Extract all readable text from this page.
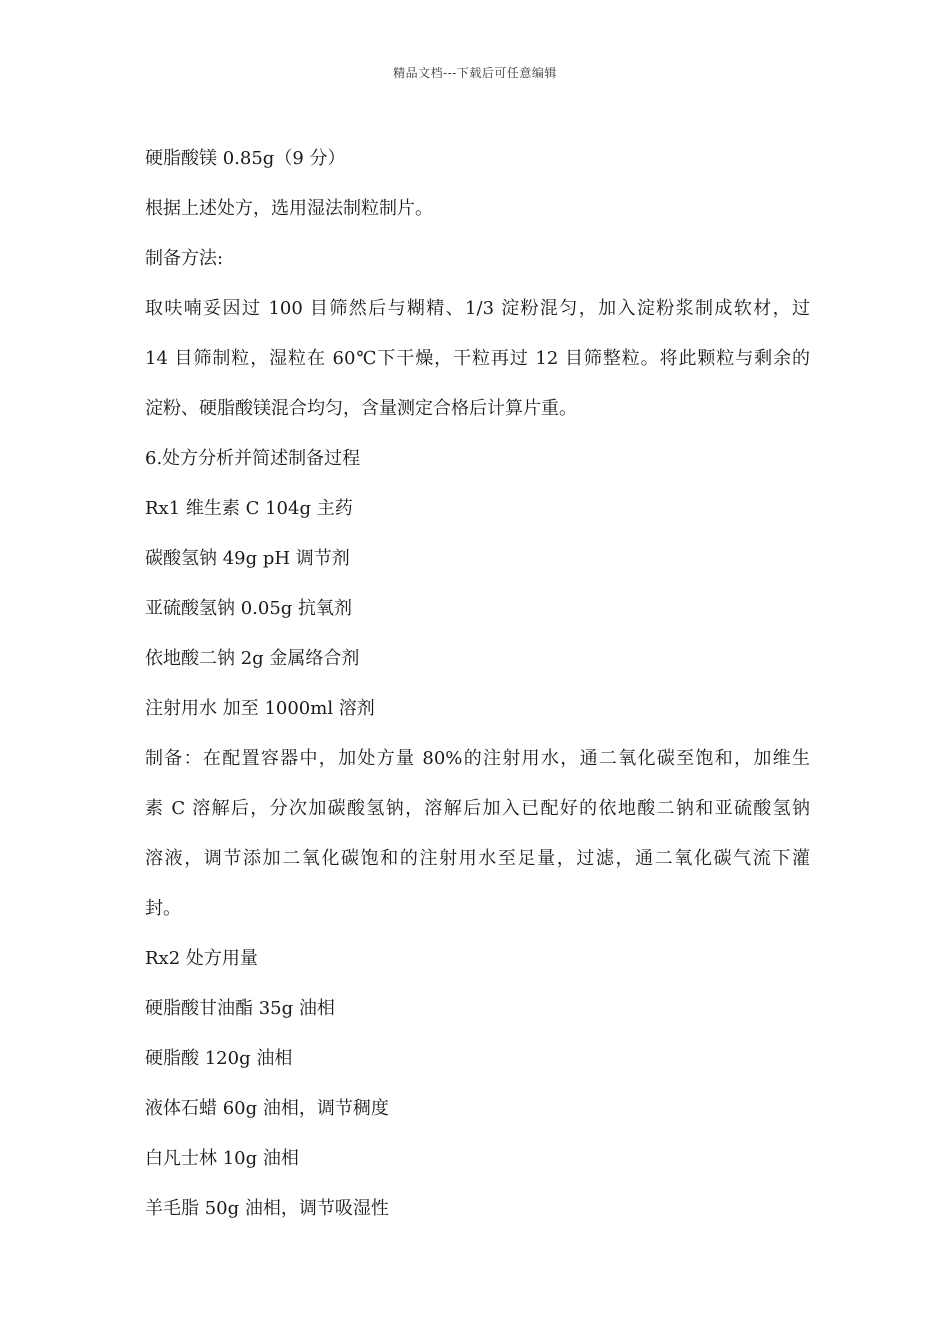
精品文档---下载后可任意编辑
硬脂酸镁 0.85g（9 分）
根据上述处方，选用湿法制粒制片。
制备方法:
取呋喃妥因过 100 目筛然后与糊精、1/3 淀粉混匀，加入淀粉浆制成软材，过
14 目筛制粒，湿粒在 60℃下干燥，干粒再过 12 目筛整粒。将此颗粒与剩余的
淀粉、硬脂酸镁混合均匀，含量测定合格后计算片重。
6.处方分析并简述制备过程
Rx1 维生素 C 104g 主药
碳酸氢钠 49g pH 调节剂
亚硫酸氢钠 0.05g 抗氧剂
依地酸二钠 2g 金属络合剂
注射用水 加至 1000ml 溶剂
制备：在配置容器中，加处方量 80%的注射用水，通二氧化碳至饱和，加维生
素 C 溶解后，分次加碳酸氢钠，溶解后加入已配好的依地酸二钠和亚硫酸氢钠
溶液，调节添加二氧化碳饱和的注射用水至足量，过滤，通二氧化碳气流下灌
封。
Rx2 处方用量
硬脂酸甘油酯 35g 油相
硬脂酸 120g 油相
液体石蜡 60g 油相，调节稠度
白凡士林 10g 油相
羊毛脂 50g 油相，调节吸湿性
